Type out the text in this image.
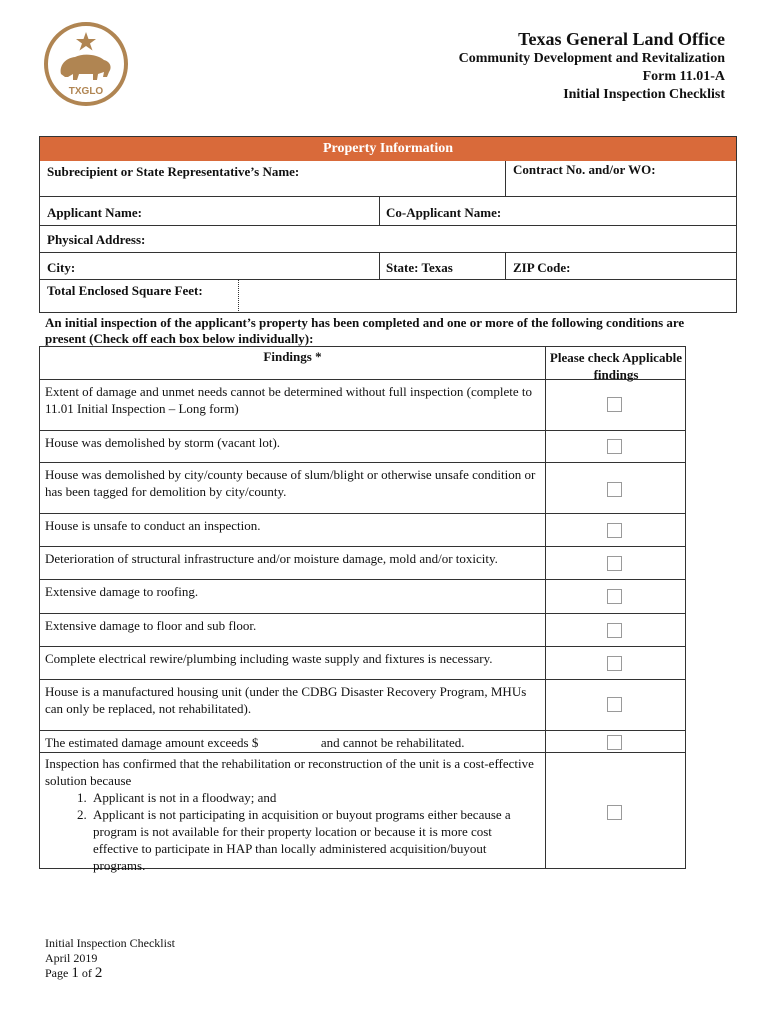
TXGLO
Texas General Land Office
Community Development and Revitalization
Form 11.01-A
Initial Inspection Checklist
Property Information
Subrecipient or State Representative’s Name:	Contract No. and/or WO:
Applicant Name:	Co-Applicant Name:
Physical Address:
City:	State: Texas	ZIP Code:
Total Enclosed Square Feet:
An initial inspection of the applicant’s property has been completed and one or more of the following conditions are present (Check off each box below individually):
Findings *	Please check Applicable findings
Extent of damage and unmet needs cannot be determined without full inspection (complete to 11.01 Initial Inspection – Long form)
House was demolished by storm (vacant lot).
House was demolished by city/county because of slum/blight or otherwise unsafe condition or has been tagged for demolition by city/county.
House is unsafe to conduct an inspection.
Deterioration of structural infrastructure and/or moisture damage, mold and/or toxicity.
Extensive damage to roofing.
Extensive damage to floor and sub floor.
Complete electrical rewire/plumbing including waste supply and fixtures is necessary.
House is a manufactured housing unit (under the CDBG Disaster Recovery Program, MHUs can only be replaced, not rehabilitated).
The estimated damage amount exceeds $	and cannot be rehabilitated.
Inspection has confirmed that the rehabilitation or reconstruction of the unit is a cost-effective solution because
1. Applicant is not in a floodway; and
2. Applicant is not participating in acquisition or buyout programs either because a program is not available for their property location or because it is more cost effective to participate in HAP than locally administered acquisition/buyout programs.
Initial Inspection Checklist
April 2019
Page 1 of 2
